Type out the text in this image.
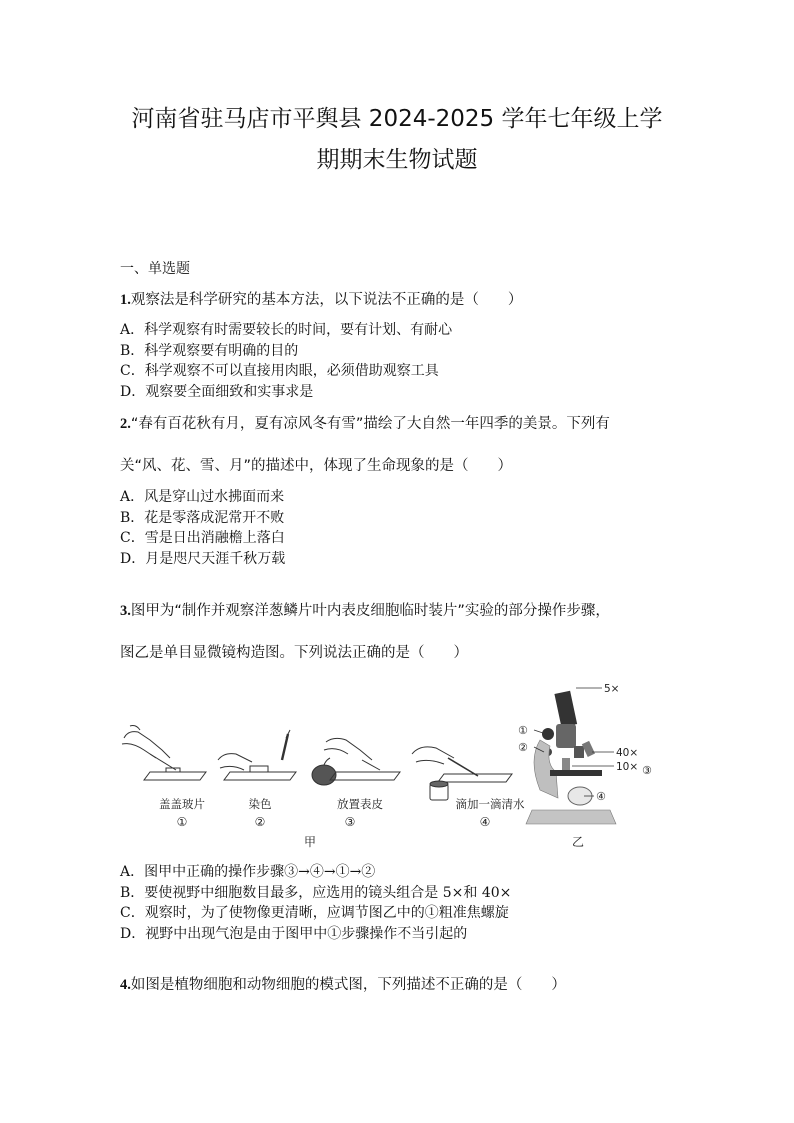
河南省驻马店市平舆县 2024-2025 学年七年级上学
期期末生物试题
一、单选题
1.观察法是科学研究的基本方法，以下说法不正确的是（　　）
A．科学观察有时需要较长的时间，要有计划、有耐心
B．科学观察要有明确的目的
C．科学观察不可以直接用肉眼，必须借助观察工具
D．观察要全面细致和实事求是
2.“春有百花秋有月，夏有凉风冬有雪”描绘了大自然一年四季的美景。下列有
关“风、花、雪、月”的描述中，体现了生命现象的是（　　）
A．风是穿山过水拂面而来
B．花是零落成泥常开不败
C．雪是日出消融檐上落白
D．月是咫尺天涯千秋万载
3.图甲为“制作并观察洋葱鳞片叶内表皮细胞临时装片”实验的部分操作步骤，
图乙是单目显微镜构造图。下列说法正确的是（　　）
盖盖玻片
①
染色
②
放置表皮
③
滴加一滴清水
④
甲
5×
①
②	40×
10× ③
④
乙
A．图甲中正确的操作步骤③→④→①→②
B．要使视野中细胞数目最多，应选用的镜头组合是 5×和 40×
C．观察时，为了使物像更清晰，应调节图乙中的①粗准焦螺旋
D．视野中出现气泡是由于图甲中①步骤操作不当引起的
4.如图是植物细胞和动物细胞的模式图，下列描述不正确的是（　　）
